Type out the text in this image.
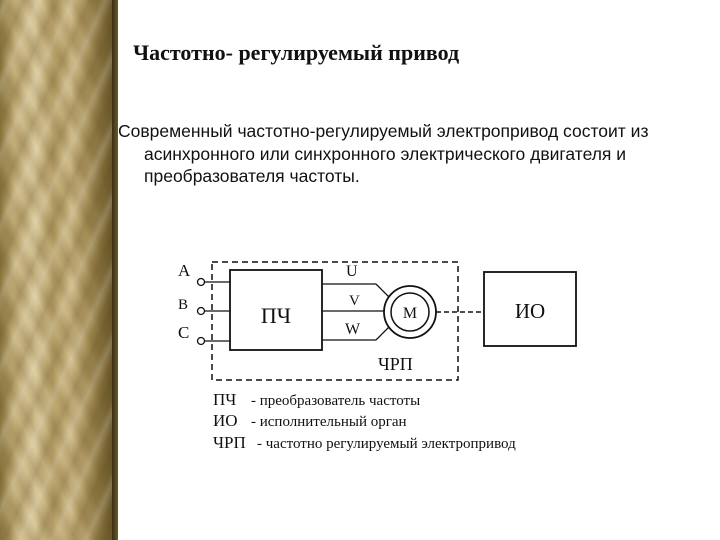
Частотно- регулируемый привод

Современный частотно-регулируемый электропривод состоит из асинхронного или синхронного электрического двигателя и преобразователя частоты.

A
B
C
ПЧ
U
V
W
М	ИО
ЧРП
ПЧ - преобразователь частоты
ИО - исполнительный орган
ЧРП - частотно регулируемый электропривод
